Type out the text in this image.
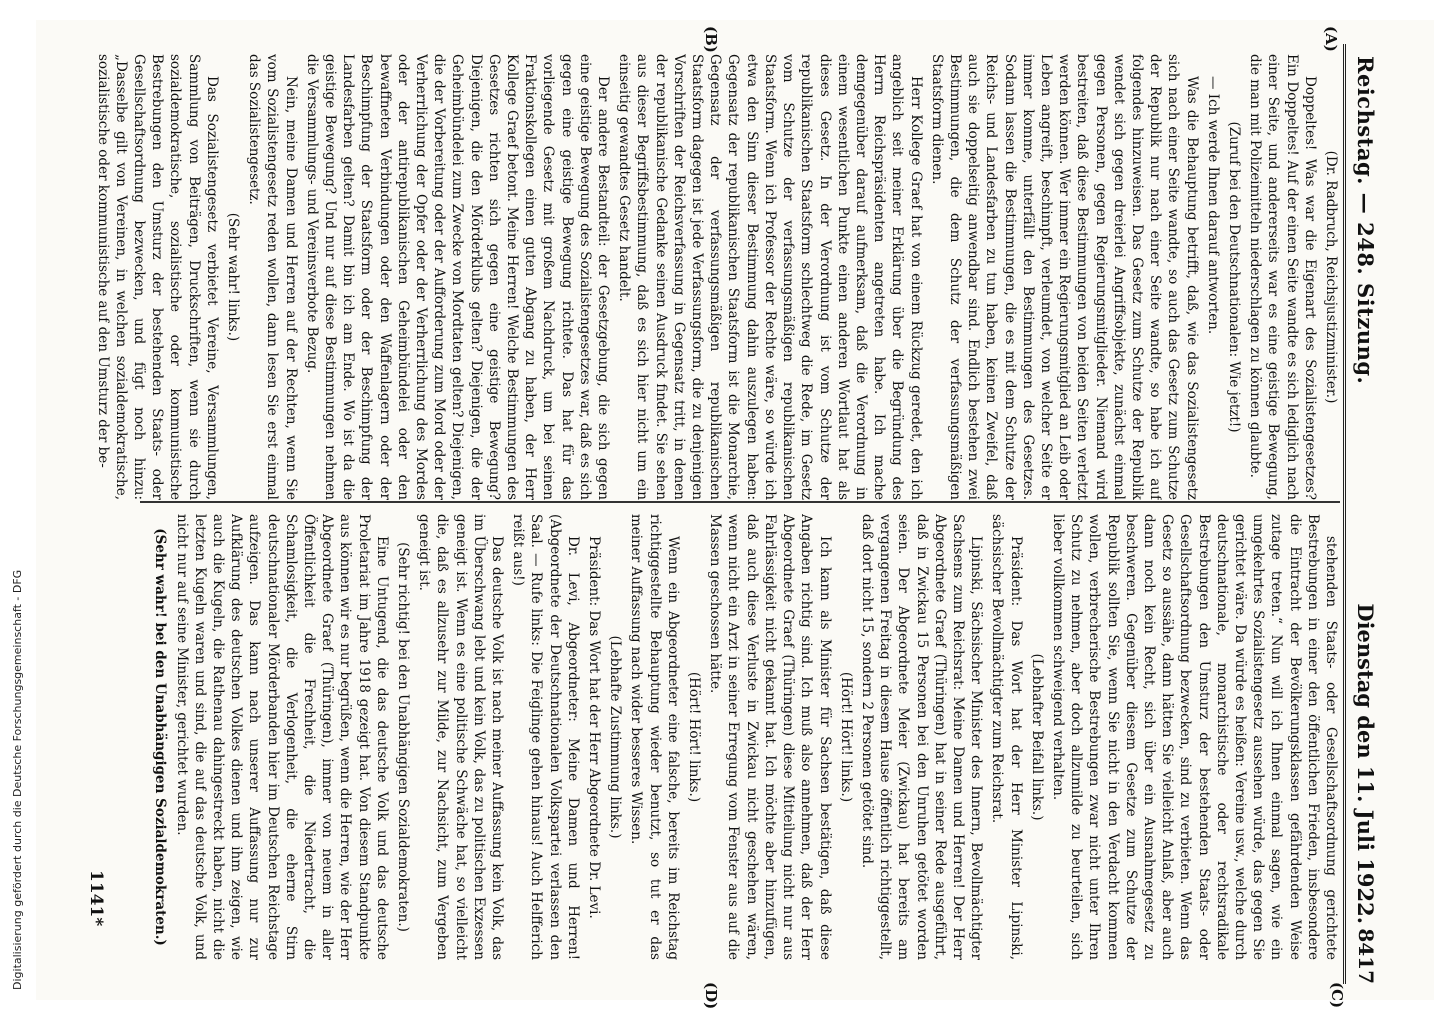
Digitalisierung gefördert durch die Deutsche Forschungsgemeinschaft - DFG
Reichstag. — 248. Sitzung.
Dienstag den 11. Juli 1922.
8417
(A)
(B)
(C)
(D)

(Dr. Radbruch, Reichsjustizminister.)

Doppeltes! Was war die Eigenart des Sozialistengesetzes? Ein Doppeltes! Auf der einen Seite wandte es sich lediglich nach einer Seite, und andererseits war es eine geistige Bewegung, die man mit Polizeimitteln niederschlagen zu können glaubte.

(Zuruf bei den Deutschnationalen: Wie jetzt!)

— Ich werde Ihnen darauf antworten.

Was die Behauptung betrifft, daß, wie das Sozialistengesetz sich nach einer Seite wandte, so auch das Gesetz zum Schutze der Republik nur nach einer Seite wandte, so habe ich auf folgendes hinzuweisen. Das Gesetz zum Schutze der Republik wendet sich gegen dreierlei Angriffsobjekte, zunächst einmal gegen Personen, gegen Regierungsmitglieder. Niemand wird bestreiten, daß diese Bestimmungen von beiden Seiten verletzt werden können. Wer immer ein Regierungsmitglied an Leib oder Leben angreift, beschimpft, verleumdet, von welcher Seite er immer komme, unterfällt den Bestimmungen des Gesetzes. Sodann lassen die Bestimmungen, die es mit dem Schutze der Reichs- und Landesfarben zu tun haben, keinen Zweifel, daß auch sie doppelseitig anwendbar sind. Endlich bestehen zwei Bestimmungen, die dem Schutz der verfassungsmäßigen Staatsform dienen.

Herr Kollege Graef hat von einem Rückzug geredet, den ich angeblich seit meiner Erklärung über die Begründung des Herrn Reichspräsidenten angetreten habe. Ich mache demgegenüber darauf aufmerksam, daß die Verordnung in einem wesentlichen Punkte einen anderen Wortlaut hat als dieses Gesetz. In der Verordnung ist vom Schutze der republikanischen Staatsform schlechtweg die Rede, im Gesetz vom Schutze der verfassungsmäßigen republikanischen Staatsform. Wenn ich Professor der Rechte wäre, so würde ich etwa den Sinn dieser Bestimmung dahin auszulegen haben: Gegensatz der republikanischen Staatsform ist die Monarchie, Gegensatz der verfassungsmäßigen republikanischen Staatsform dagegen ist jede Verfassungsform, die zu denjenigen Vorschriften der Reichsverfassung in Gegensatz tritt, in denen der republikanische Gedanke seinen Ausdruck findet. Sie sehen aus dieser Begriffsbestimmung, daß es sich hier nicht um ein einseitig gewandtes Gesetz handelt.

Der andere Bestandteil: der Gesetzgebung, die sich gegen eine geistige Bewegung des Sozialistengesetzes war, daß es sich gegen eine geistige Bewegung richtete. Das hat für das vorliegende Gesetz mit großem Nachdruck, um bei seinen Fraktionskollegen einen guten Abgang zu haben, der Herr Kollege Graef betont. Meine Herren! Welche Bestimmungen des Gesetzes richten sich gegen eine geistige Bewegung? Diejenigen, die den Mörderklubs gelten? Diejenigen, die der Geheimbündelei zum Zwecke von Mordtaten gelten? Diejenigen, die der Vorbereitung oder der Aufforderung zum Mord oder der Verherrlichung der Opfer oder der Verherrlichung des Mordes oder der antirepublikanischen Geheimbündelei oder den bewaffneten Verbindungen oder den Waffenlagern oder der Beschimpfung der Staatsform oder der Beschimpfung der Landesfarben gelten? Damit bin ich am Ende. Wo ist da die geistige Bewegung? Und nur auf diese Bestimmungen nehmen die Versammlungs- und Vereinsverbote Bezug.

Nein, meine Damen und Herren auf der Rechten, wenn Sie vom Sozialistengesetz reden wollen, dann lesen Sie erst einmal das Sozialistengesetz.

(Sehr wahr! links.)

Das Sozialistengesetz verbietet Vereine, Versammlungen, Sammlung von Beiträgen, Druckschriften, wenn sie durch sozialdemokratische, sozialistische oder kommunistische Bestrebungen den Umsturz der bestehenden Staats- oder Gesellschaftsordnung bezwecken, und fügt noch hinzu: „Dasselbe gilt von Vereinen, in welchen sozialdemokratische, sozialistische oder kommunistische auf den Umsturz der be-

stehenden Staats- oder Gesellschaftsordnung gerichtete Bestrebungen in einer den öffentlichen Frieden, insbesondere die Eintracht der Bevölkerungsklassen gefährdenden Weise zutage treten.“ Nun will ich Ihnen einmal sagen, wie ein umgekehrtes Sozialistengesetz aussehen würde, das gegen Sie gerichtet wäre. Da würde es heißen: Vereine usw., welche durch deutschnationale, monarchistische oder rechtsradikale Bestrebungen den Umsturz der bestehenden Staats- oder Gesellschaftsordnung bezwecken, sind zu verbieten. Wenn das Gesetz so aussähe, dann hätten Sie vielleicht Anlaß, aber auch dann noch kein Recht, sich über ein Ausnahmegesetz zu beschweren. Gegenüber diesem Gesetze zum Schutze der Republik sollten Sie, wenn Sie nicht in den Verdacht kommen wollen, verbrecherische Bestrebungen zwar nicht unter Ihren Schutz zu nehmen, aber doch allzumilde zu beurteilen, sich lieber vollkommen schweigend verhalten.

(Lebhafter Beifall links.)

Präsident: Das Wort hat der Herr Minister Lipinski, sächsischer Bevollmächtigter zum Reichsrat.

Lipinski, Sächsischer Minister des Innern, Bevollmächtigter Sachsens zum Reichsrat: Meine Damen und Herren! Der Herr Abgeordnete Graef (Thüringen) hat in seiner Rede ausgeführt, daß in Zwickau 15 Personen bei den Unruhen getötet worden seien. Der Abgeordnete Meier (Zwickau) hat bereits am vergangenen Freitag in diesem Hause öffentlich richtiggestellt, daß dort nicht 15, sondern 2 Personen getötet sind.

(Hört! Hört! links.)

Ich kann als Minister für Sachsen bestätigen, daß diese Angaben richtig sind. Ich muß also annehmen, daß der Herr Abgeordnete Graef (Thüringen) diese Mitteilung nicht nur aus Fahrlässigkeit nicht gekannt hat. Ich möchte aber hinzufügen, daß auch diese Verluste in Zwickau nicht geschehen wären, wenn nicht ein Arzt in seiner Erregung vom Fenster aus auf die Massen geschossen hätte.

(Hört! Hört! links.)

Wenn ein Abgeordneter eine falsche, bereits im Reichstag richtiggestellte Behauptung wieder benutzt, so tut er das meiner Auffassung nach wider besseres Wissen.

(Lebhafte Zustimmung links.)

Präsident: Das Wort hat der Herr Abgeordnete Dr. Levi.

Dr. Levi, Abgeordneter: Meine Damen und Herren! (Abgeordnete der Deutschnationalen Volkspartei verlassen den Saal. — Rufe links: Die Feiglinge gehen hinaus! Auch Helfferich reißt aus!)

Das deutsche Volk ist nach meiner Auffassung kein Volk, das im Überschwang lebt und kein Volk, das zu politischen Exzessen geneigt ist. Wenn es eine politische Schwäche hat, so vielleicht die, daß es allzusehr zur Milde, zur Nachsicht, zum Vergeben geneigt ist.

(Sehr richtig! bei den Unabhängigen Sozialdemokraten.)

Eine Untugend, die das deutsche Volk und das deutsche Proletariat im Jahre 1918 gezeigt hat. Von diesem Standpunkte aus können wir es nur begrüßen, wenn die Herren, wie der Herr Abgeordnete Graef (Thüringen), immer von neuem in aller Öffentlichkeit die Frechheit, die Niedertracht, die Schamlosigkeit, die Verlogenheit, die eherne Stirn deutschnationaler Mörderbanden hier im Deutschen Reichstage aufzeigen. Das kann nach unserer Auffassung nur zur Aufklärung des deutschen Volkes dienen und ihm zeigen, wie auch die Kugeln, die Rathenau dahingestreckt haben, nicht die letzten Kugeln waren und sind, die auf das deutsche Volk, und nicht nur auf seine Minister, gerichtet wurden.

(Sehr wahr! bei den Unabhängigen Sozialdemokraten.)

1141*
